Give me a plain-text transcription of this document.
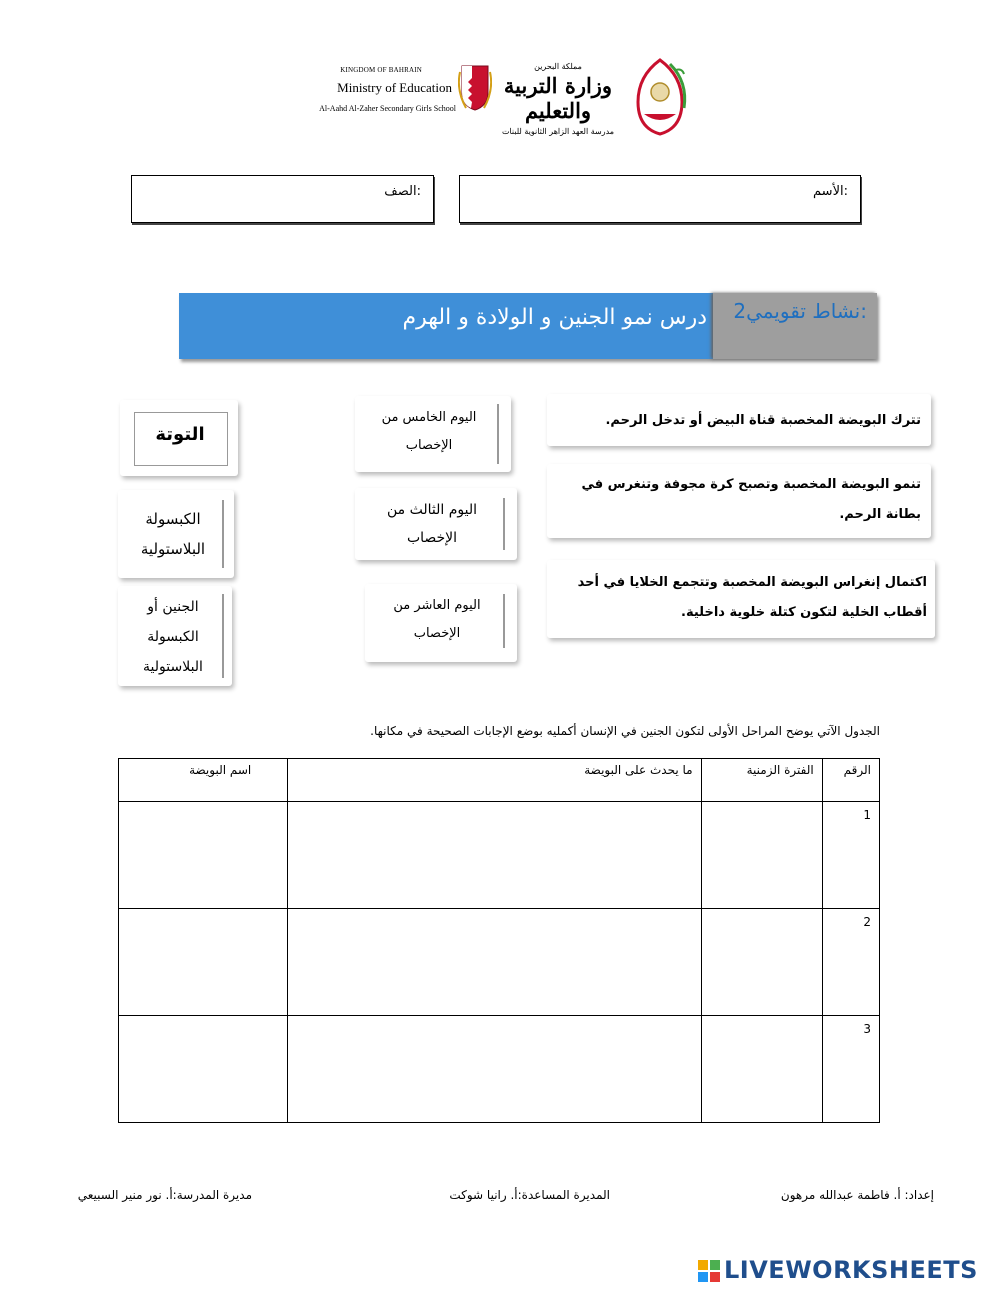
KINGDOM OF BAHRAIN
Ministry of Education
Al-Aahd Al-Zaher Secondary Girls School
مملكة البحرين
وزارة التربية والتعليم
مدرسة العهد الزاهر الثانوية للبنات
الأسم:
الصف:
نشاط تقويمي2:
درس نمو الجنين و الولادة و الهرم
التوتة
الكبسولة البلاستولية
الجنين أو الكبسولة البلاستولية
اليوم الخامس من الإخصاب
اليوم الثالث من الإخصاب
اليوم العاشر من الإخصاب
تترك البويضة المخصبة قناة البيض أو تدخل الرحم.
تنمو البويضة المخصبة وتصبح كرة مجوفة وتنغرس في بطانة الرحم.
اكتمال إنغراس البويضة المخصبة وتتجمع الخلايا في أحد أقطاب الخلية لتكون كتلة خلوية داخلية.
الجدول الآتي يوضح المراحل الأولى لتكون الجنين في الإنسان أكمليه بوضع الإجابات الصحيحة في مكانها.
الرقم	الفترة الزمنية	ما يحدث على البويضة	اسم البويضة
1			
2			
3			
إعداد: أ. فاطمة عبدالله مرهون
المديرة المساعدة:أ. رانيا شوكت
مديرة المدرسة:أ. نور منير السبيعي
LIVEWORKSHEETS
